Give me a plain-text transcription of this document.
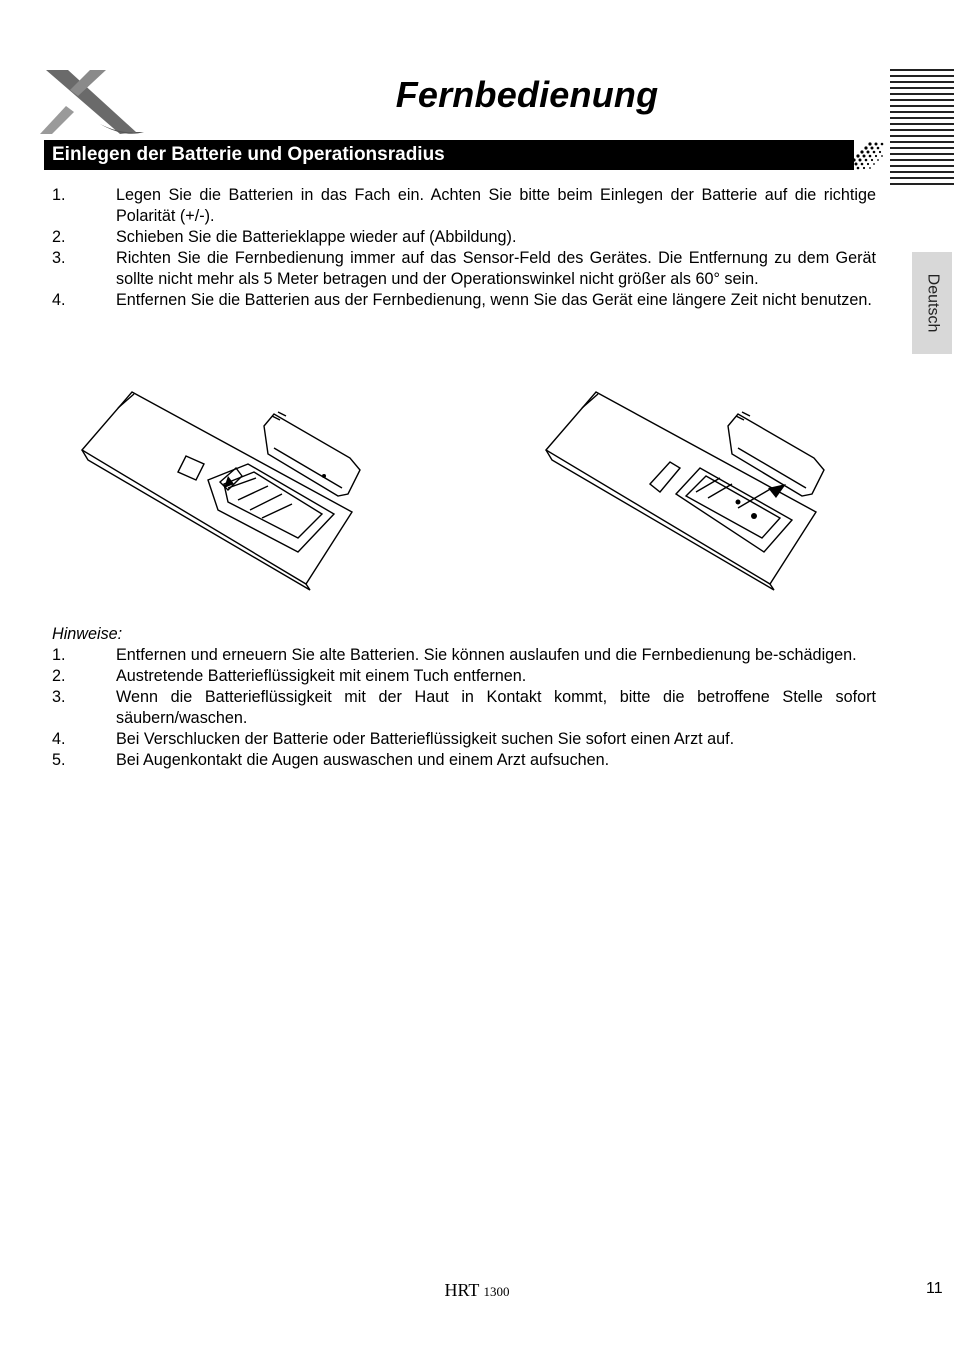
Fernbedienung
Deutsch
Einlegen der Batterie und Operationsradius
1.	Legen Sie die Batterien in das Fach ein. Achten Sie bitte beim Einlegen der Batterie auf die richtige Polarität (+/-).
2.	Schieben Sie die Batterieklappe wieder auf (Abbildung).
3.	Richten Sie die Fernbedienung immer auf das Sensor-Feld des Gerätes. Die Entfernung zu dem Gerät sollte nicht mehr als 5 Meter betragen und der Operationswinkel nicht größer als 60° sein.
4.	Entfernen Sie die Batterien aus der Fernbedienung, wenn Sie das Gerät eine längere Zeit nicht benutzen.

Hinweise:

1.	Entfernen und erneuern Sie alte Batterien. Sie können auslaufen und die Fernbedienung be-schädigen.
2.	Austretende Batterieflüssigkeit mit einem Tuch entfernen.
3.	Wenn die Batterieflüssigkeit mit der Haut in Kontakt kommt, bitte die betroffene Stelle sofort säubern/waschen.
4.	Bei Verschlucken der Batterie oder Batterieflüssigkeit suchen Sie sofort einen Arzt auf.
5.	Bei Augenkontakt die Augen auswaschen und einem Arzt aufsuchen.
HRT 1300	11
